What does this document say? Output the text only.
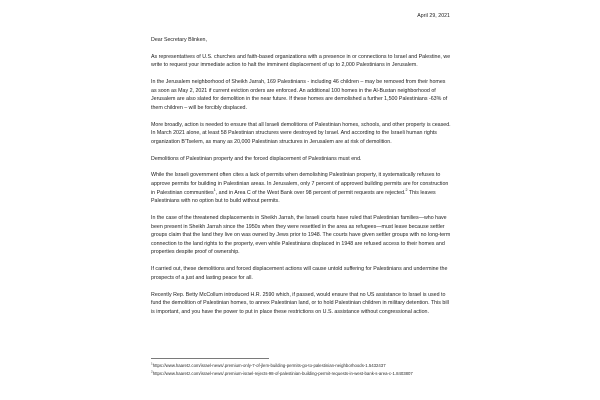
April 29, 2021

Dear Secretary Blinken,

As representatives of U.S. churches and faith-based organizations with a presence in or connections to Israel and Palestine, we write to request your immediate action to halt the imminent displacement of up to 2,000 Palestinians in Jerusalem.

In the Jerusalem neighborhood of Sheikh Jarrah, 169 Palestinians - including 46 children – may be removed from their homes as soon as May 2, 2021 if current eviction orders are enforced. An additional 100 homes in the Al-Bustan neighborhood of Jerusalem are also slated for demolition in the near future. If these homes are demolished a further 1,500 Palestinians -63% of them children – will be forcibly displaced.

More broadly, action is needed to ensure that all Israeli demolitions of Palestinian homes, schools, and other property is ceased. In March 2021 alone, at least 58 Palestinian structures were destroyed by Israel. And according to the Israeli human rights organization B'Tselem, as many as 20,000 Palestinian structures in Jerusalem are at risk of demolition.

Demolitions of Palestinian property and the forced displacement of Palestinians must end.

While the Israeli government often cites a lack of permits when demolishing Palestinian property, it systematically refuses to approve permits for building in Palestinian areas. In Jerusalem, only 7 percent of approved building permits are for construction in Palestinian communities$^1$, and in Area C of the West Bank over 98 percent of permit requests are rejected.$^2$ This leaves Palestinians with no option but to build without permits.

In the case of the threatened displacements in Sheikh Jarrah, the Israeli courts have ruled that Palestinian families—who have been present in Sheikh Jarrah since the 1950s when they were resettled in the area as refugees—must leave because settler groups claim that the land they live on was owned by Jews prior to 1948. The courts have given settler groups with no long-term connection to the land rights to the property, even while Palestinians displaced in 1948 are refused access to their homes and properties despite proof of ownership.

If carried out, these demolitions and forced displacement actions will cause untold suffering for Palestinians and undermine the prospects of a just and lasting peace for all.

Recently Rep. Betty McCollum introduced H.R. 2590 which, if passed, would ensure that no US assistance to Israel is used to fund the demolition of Palestinian homes, to annex Palestinian land, or to hold Palestinian children in military detention. This bill is important, and you have the power to put in place these restrictions on U.S. assistance without congressional action.

$^1$https://www.haaretz.com/israel-news/.premium-only-7-of-jlem-building-permits-go-to-palestinian-neighborhoods-1.5432437

$^2$https://www.haaretz.com/israel-news/.premium-israel-rejects-98-of-palestinian-building-permit-requests-in-west-bank-s-area-c-1.8403807
